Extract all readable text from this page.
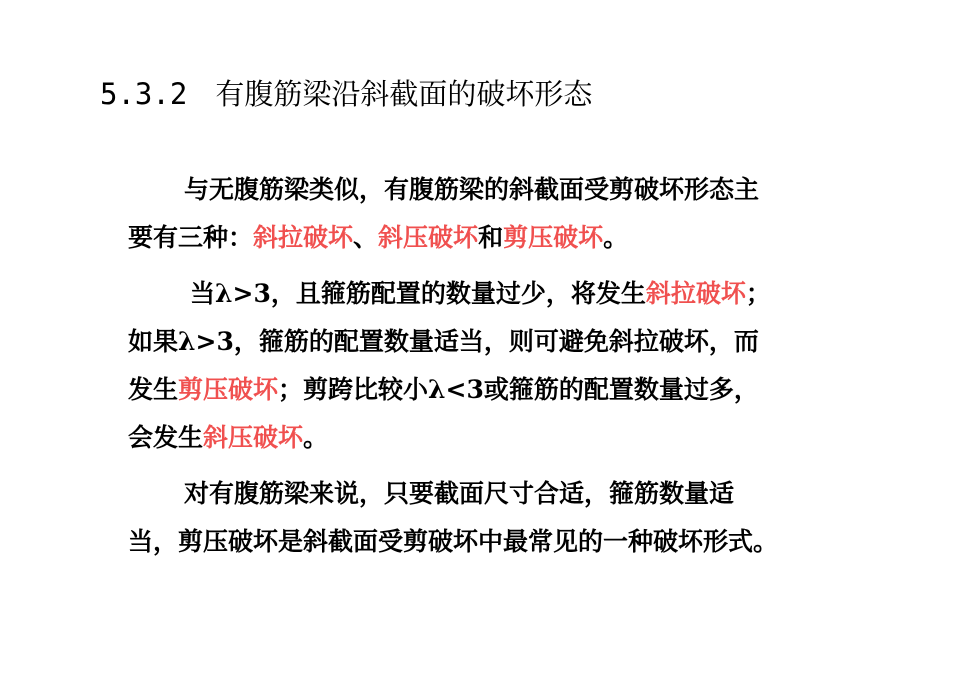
5.3.2 有腹筋梁沿斜截面的破坏形态
与无腹筋梁类似，有腹筋梁的斜截面受剪破坏形态主
要有三种：斜拉破坏、斜压破坏和剪压破坏。
当λ>3，且箍筋配置的数量过少，将发生斜拉破坏；
如果λ>3，箍筋的配置数量适当，则可避免斜拉破坏，而
发生剪压破坏；剪跨比较小λ<3或箍筋的配置数量过多，
会发生斜压破坏。
对有腹筋梁来说，只要截面尺寸合适，箍筋数量适
当，剪压破坏是斜截面受剪破坏中最常见的一种破坏形式。
